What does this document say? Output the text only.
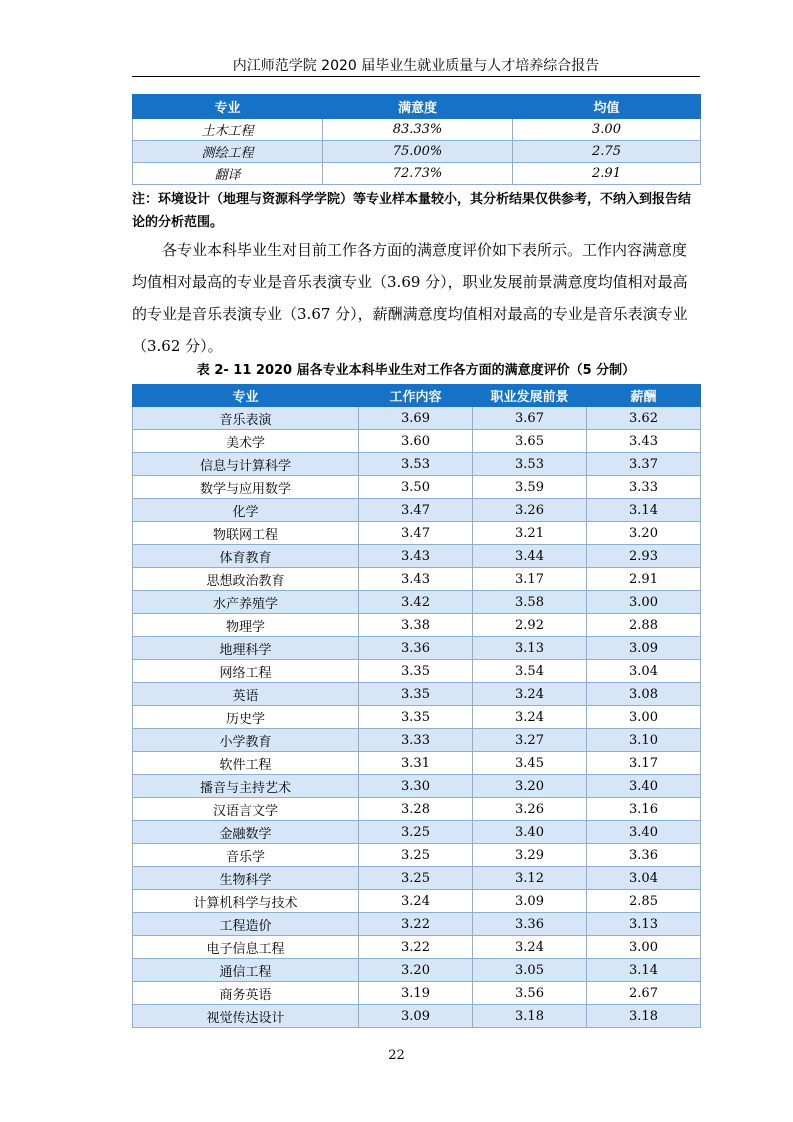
内江师范学院 2020 届毕业生就业质量与人才培养综合报告
专业	满意度	均值
土木工程	83.33%	3.00
测绘工程	75.00%	2.75
翻译	72.73%	2.91
注：环境设计（地理与资源科学学院）等专业样本量较小，其分析结果仅供参考，不纳入到报告结论的分析范围。
各专业本科毕业生对目前工作各方面的满意度评价如下表所示。工作内容满意度均值相对最高的专业是音乐表演专业（3.69 分），职业发展前景满意度均值相对最高的专业是音乐表演专业（3.67 分），薪酬满意度均值相对最高的专业是音乐表演专业（3.62 分）。
表 2- 11 2020 届各专业本科毕业生对工作各方面的满意度评价（5 分制）
专业	工作内容	职业发展前景	薪酬
音乐表演	3.69	3.67	3.62
美术学	3.60	3.65	3.43
信息与计算科学	3.53	3.53	3.37
数学与应用数学	3.50	3.59	3.33
化学	3.47	3.26	3.14
物联网工程	3.47	3.21	3.20
体育教育	3.43	3.44	2.93
思想政治教育	3.43	3.17	2.91
水产养殖学	3.42	3.58	3.00
物理学	3.38	2.92	2.88
地理科学	3.36	3.13	3.09
网络工程	3.35	3.54	3.04
英语	3.35	3.24	3.08
历史学	3.35	3.24	3.00
小学教育	3.33	3.27	3.10
软件工程	3.31	3.45	3.17
播音与主持艺术	3.30	3.20	3.40
汉语言文学	3.28	3.26	3.16
金融数学	3.25	3.40	3.40
音乐学	3.25	3.29	3.36
生物科学	3.25	3.12	3.04
计算机科学与技术	3.24	3.09	2.85
工程造价	3.22	3.36	3.13
电子信息工程	3.22	3.24	3.00
通信工程	3.20	3.05	3.14
商务英语	3.19	3.56	2.67
视觉传达设计	3.09	3.18	3.18
22
